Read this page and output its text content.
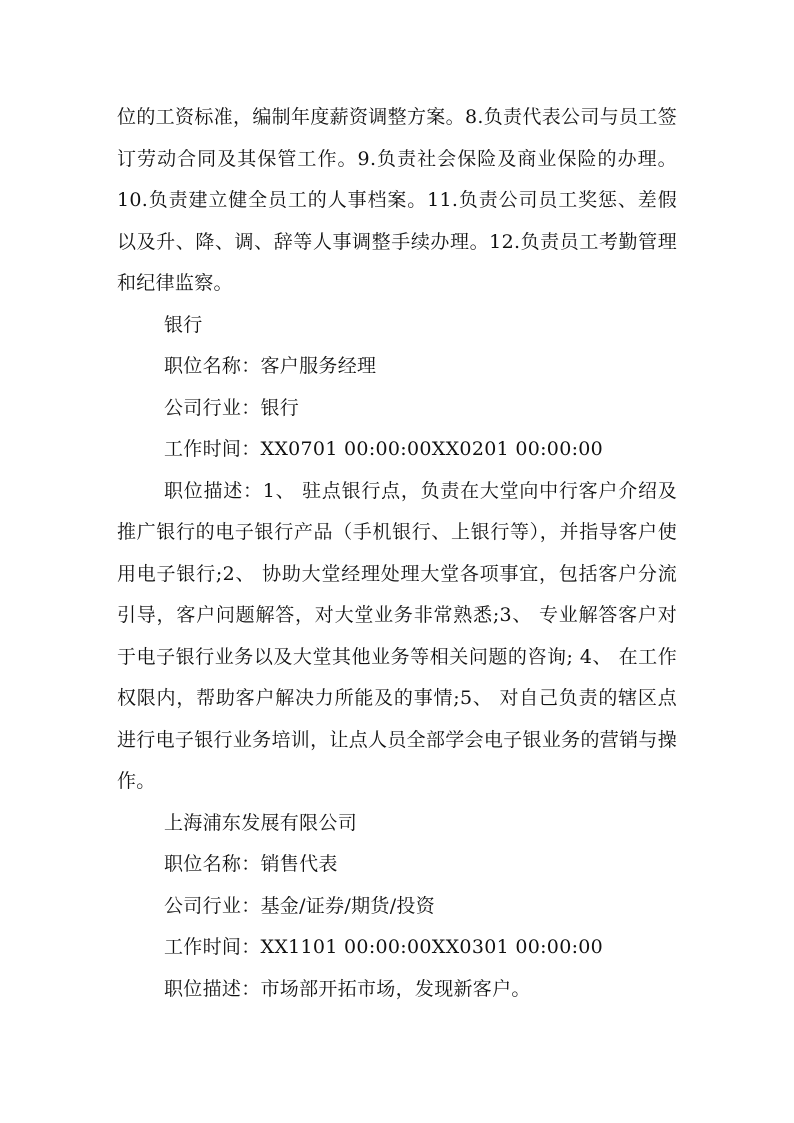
位的工资标准，编制年度薪资调整方案。8.负责代表公司与员工签订劳动合同及其保管工作。9.负责社会保险及商业保险的办理。10.负责建立健全员工的人事档案。11.负责公司员工奖惩、差假以及升、降、调、辞等人事调整手续办理。12.负责员工考勤管理和纪律监察。

银行

职位名称：客户服务经理

公司行业：银行

工作时间：XX0701 00:00:00XX0201 00:00:00

职位描述：1、 驻点银行点，负责在大堂向中行客户介绍及推广银行的电子银行产品（手机银行、上银行等），并指导客户使用电子银行;2、 协助大堂经理处理大堂各项事宜，包括客户分流引导，客户问题解答，对大堂业务非常熟悉;3、 专业解答客户对于电子银行业务以及大堂其他业务等相关问题的咨询; 4、 在工作权限内，帮助客户解决力所能及的事情;5、 对自己负责的辖区点进行电子银行业务培训，让点人员全部学会电子银业务的营销与操作。

上海浦东发展有限公司

职位名称：销售代表

公司行业：基金/证券/期货/投资

工作时间：XX1101 00:00:00XX0301 00:00:00

职位描述：市场部开拓市场，发现新客户。
